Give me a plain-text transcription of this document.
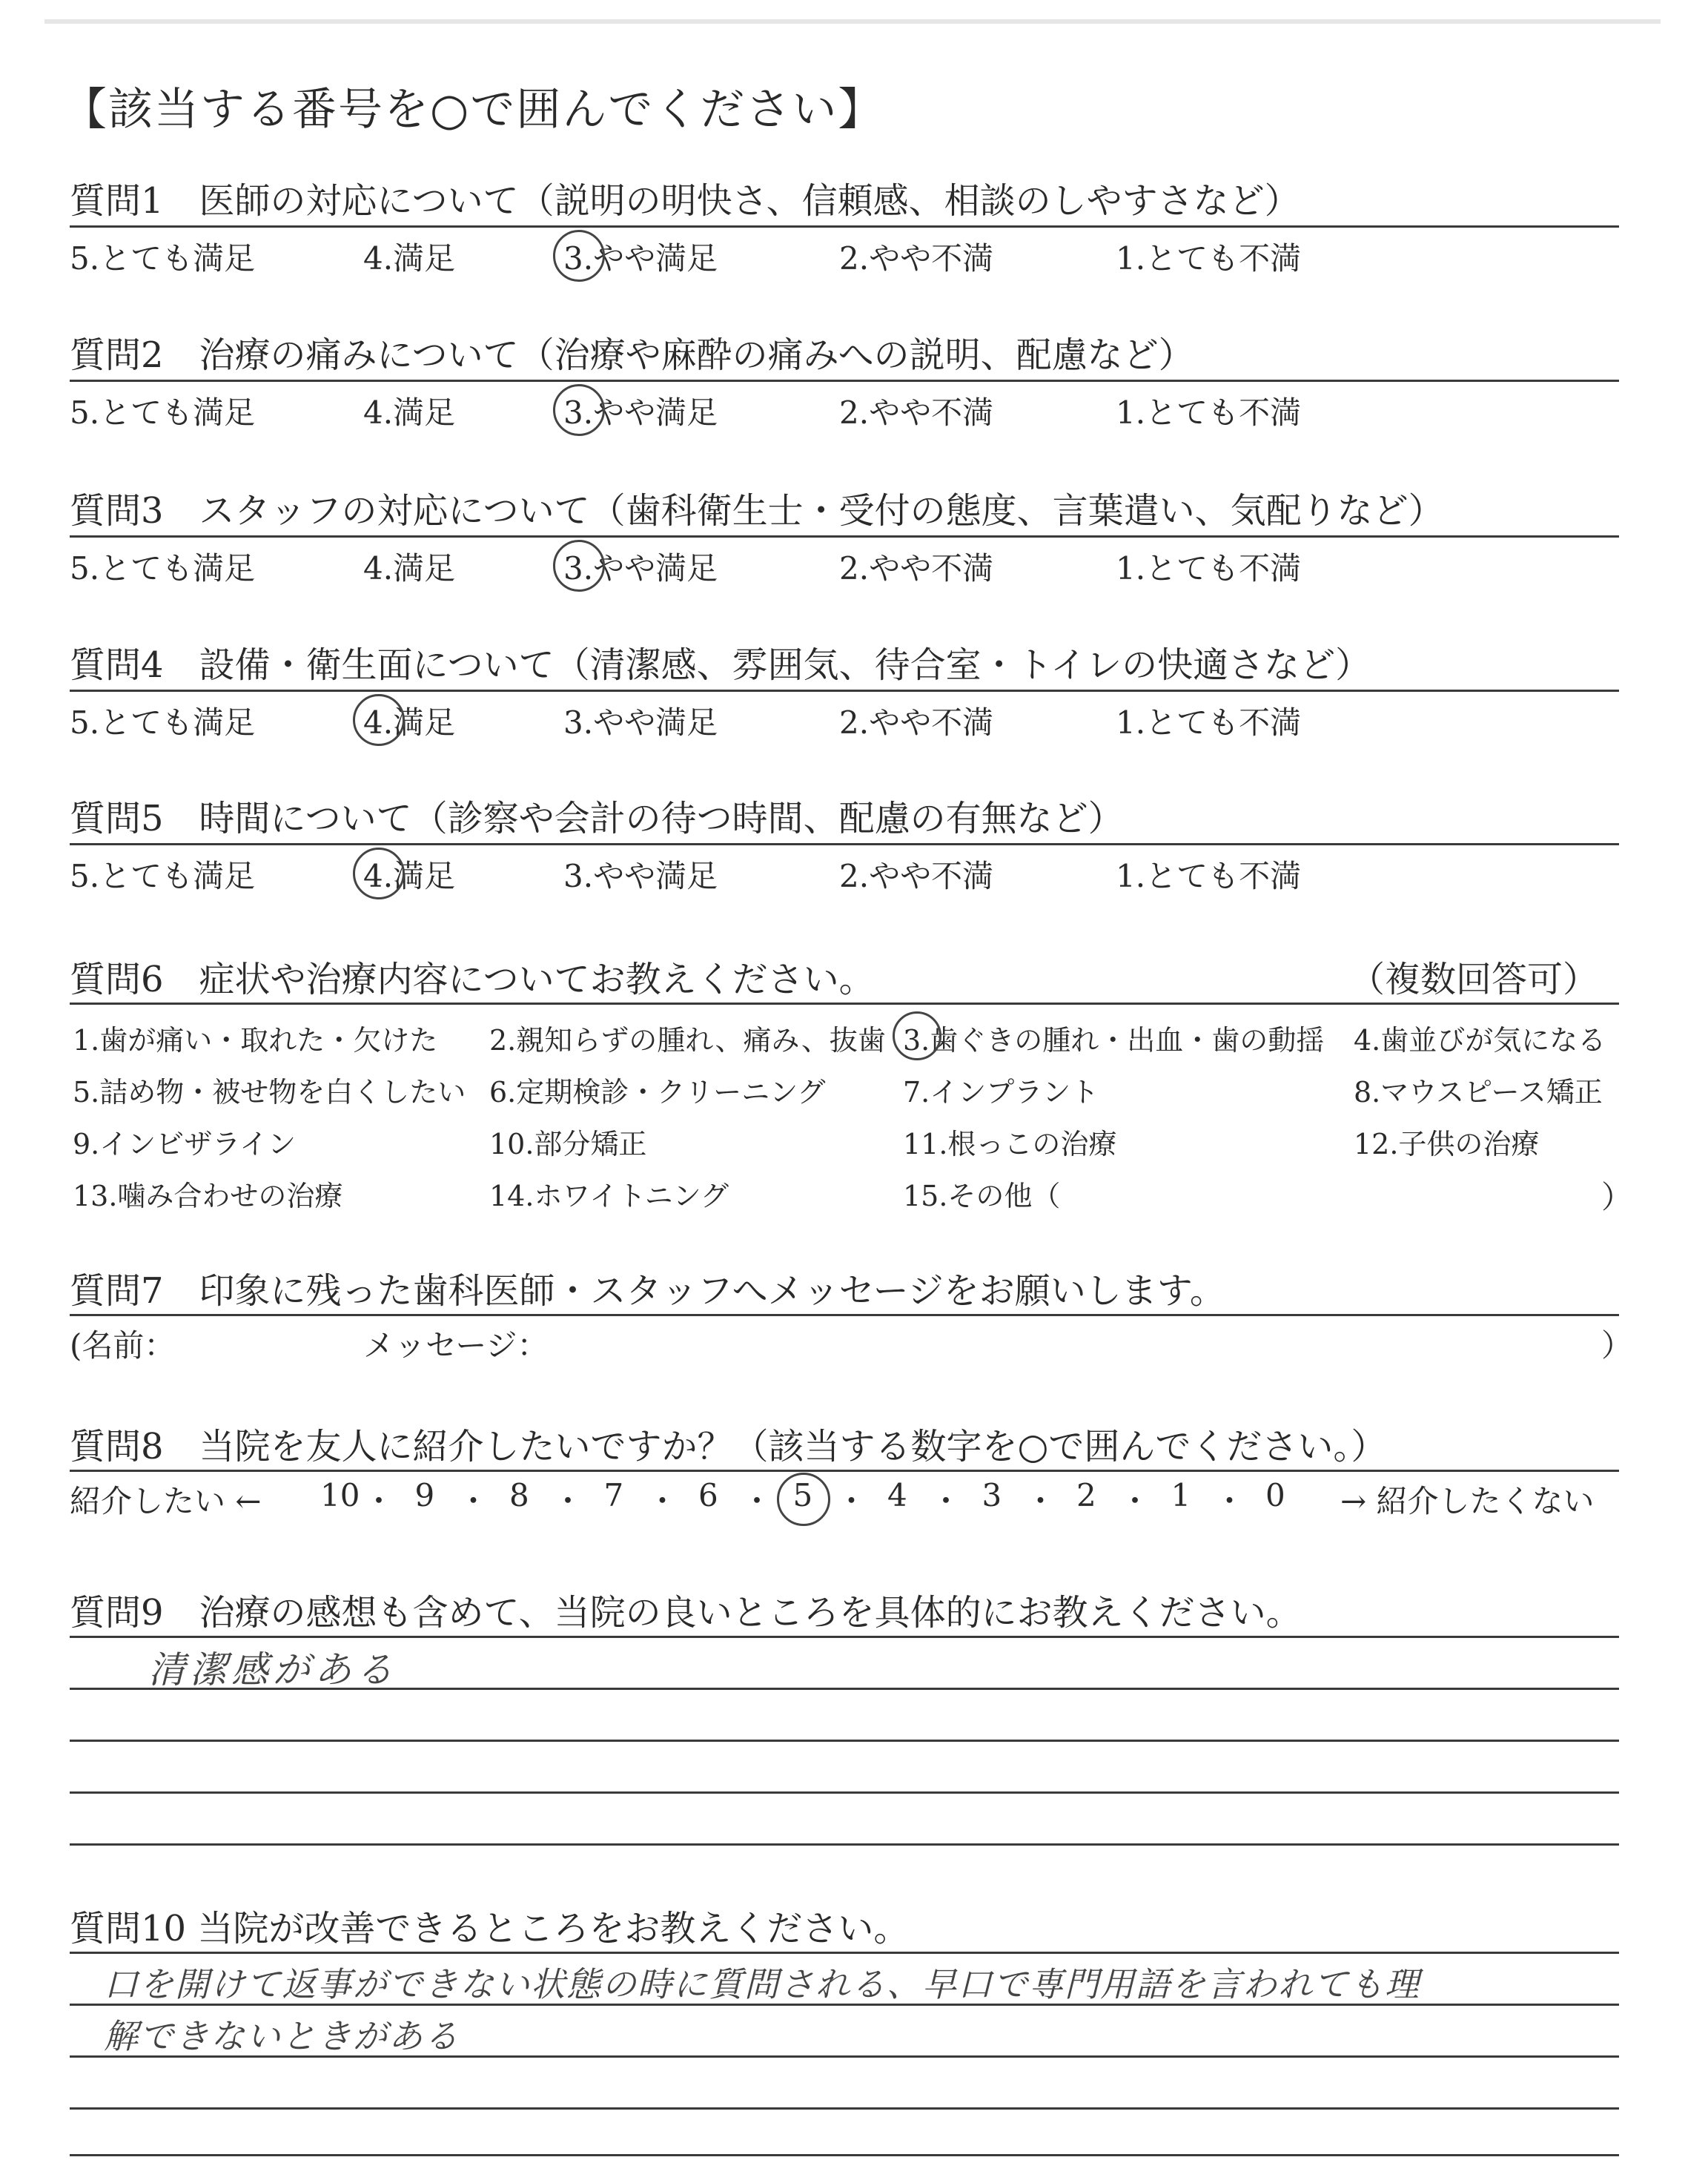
【該当する番号を○で囲んでください】
質問1　医師の対応について（説明の明快さ、信頼感、相談のしやすさなど）
5.とても満足	4.満足	3.やや満足	2.やや不満	1.とても不満
質問2　治療の痛みについて（治療や麻酔の痛みへの説明、配慮など）
5.とても満足	4.満足	3.やや満足	2.やや不満	1.とても不満
質問3　スタッフの対応について（歯科衛生士・受付の態度、言葉遣い、気配りなど）
5.とても満足	4.満足	3.やや満足	2.やや不満	1.とても不満
質問4　設備・衛生面について（清潔感、雰囲気、待合室・トイレの快適さなど）
5.とても満足	4.満足	3.やや満足	2.やや不満	1.とても不満
質問5　時間について（診察や会計の待つ時間、配慮の有無など）
5.とても満足	4.満足	3.やや満足	2.やや不満	1.とても不満
質問6　症状や治療内容についてお教えください。	（複数回答可）
1.歯が痛い・取れた・欠けた 2.親知らずの腫れ、痛み、抜歯 3.歯ぐきの腫れ・出血・歯の動揺 4.歯並びが気になる
5.詰め物・被せ物を白くしたい 6.定期検診・クリーニング	7.インプラント	8.マウスピース矯正
9.インビザライン	10.部分矯正	11.根っこの治療	12.子供の治療
13.噛み合わせの治療	14.ホワイトニング	15.その他（	）
質問7　印象に残った歯科医師・スタッフへメッセージをお願いします。
(名前：	メッセージ：	）
質問8　当院を友人に紹介したいですか？（該当する数字を○で囲んでください。）
紹介したい ← 10 ・ 9 ・ 8 ・ 7 ・ 6 ・ 5 ・ 4 ・ 3 ・ 2 ・ 1 ・ 0 → 紹介したくない
質問9　治療の感想も含めて、当院の良いところを具体的にお教えください。
清潔感がある
質問10 当院が改善できるところをお教えください。
口を開けて返事ができない状態の時に質問される、早口で専門用語を言われても理
解できないときがある
